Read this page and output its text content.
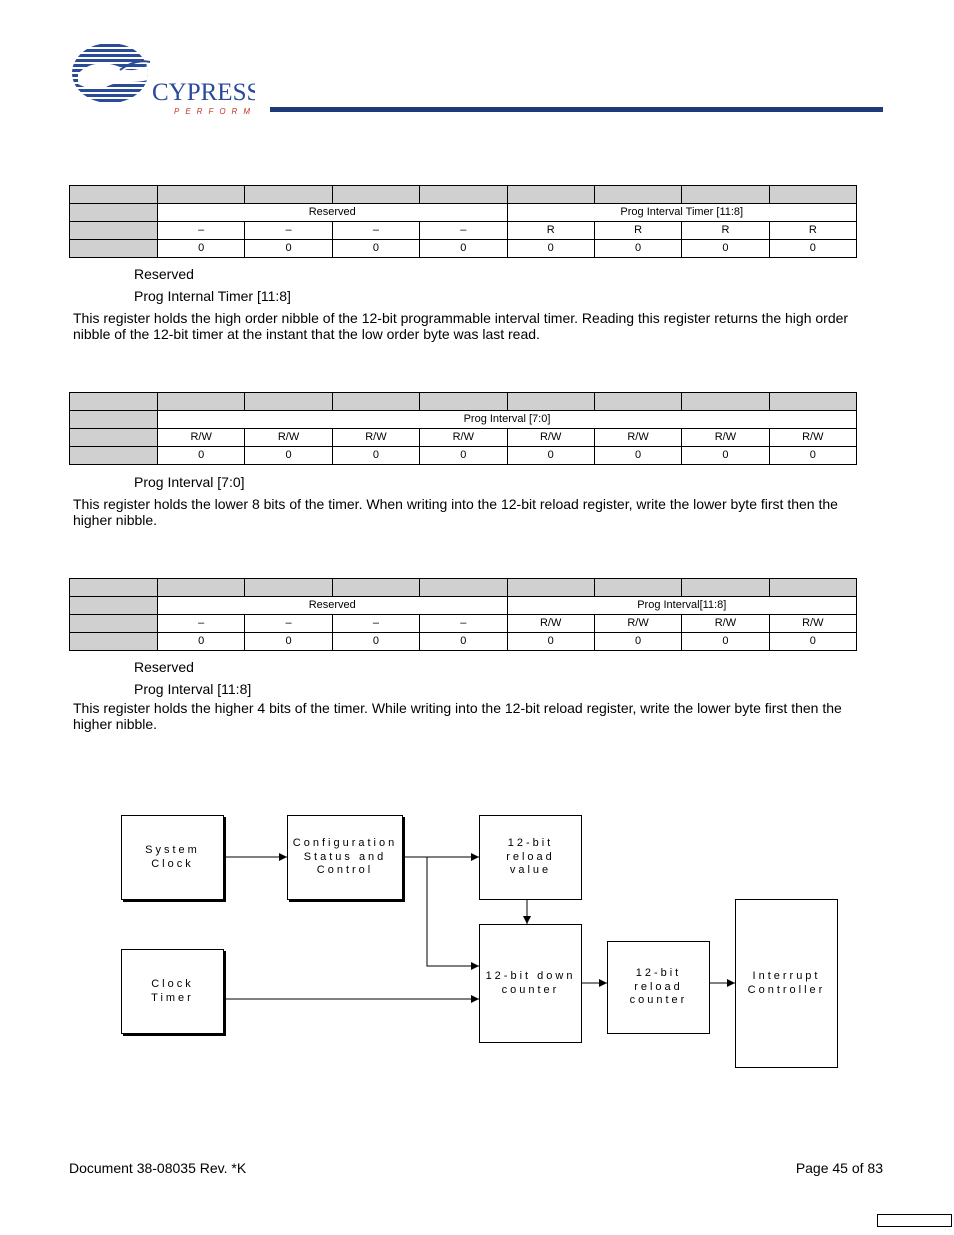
CYPRESS
PERFORM

	Reserved				Prog Interval Timer [11:8]			
	–	–	–	–	R	R	R	R
	0	0	0	0	0	0	0	0
Reserved
Prog Internal Timer [11:8]
This register holds the high order nibble of the 12-bit programmable interval timer. Reading this register returns the high order nibble of the 12-bit timer at the instant that the low order byte was last read.

	Prog Interval [7:0]							
	R/W	R/W	R/W	R/W	R/W	R/W	R/W	R/W
	0	0	0	0	0	0	0	0
Prog Interval [7:0]
This register holds the lower 8 bits of the timer. When writing into the 12-bit reload register, write the lower byte first then the higher nibble.

	Reserved				Prog Interval[11:8]			
	–	–	–	–	R/W	R/W	R/W	R/W
	0	0	0	0	0	0	0	0
Reserved
Prog Interval [11:8]
This register holds the higher 4 bits of the timer. While writing into the 12-bit reload register, write the lower byte first then the higher nibble.
System
Clock
Configuration
Status and
Control
12-bit
reload
value
Clock
Timer
12-bit down
counter
12-bit
reload
counter
Interrupt
Controller
Document 38-08035 Rev. *K	Page 45 of 83
